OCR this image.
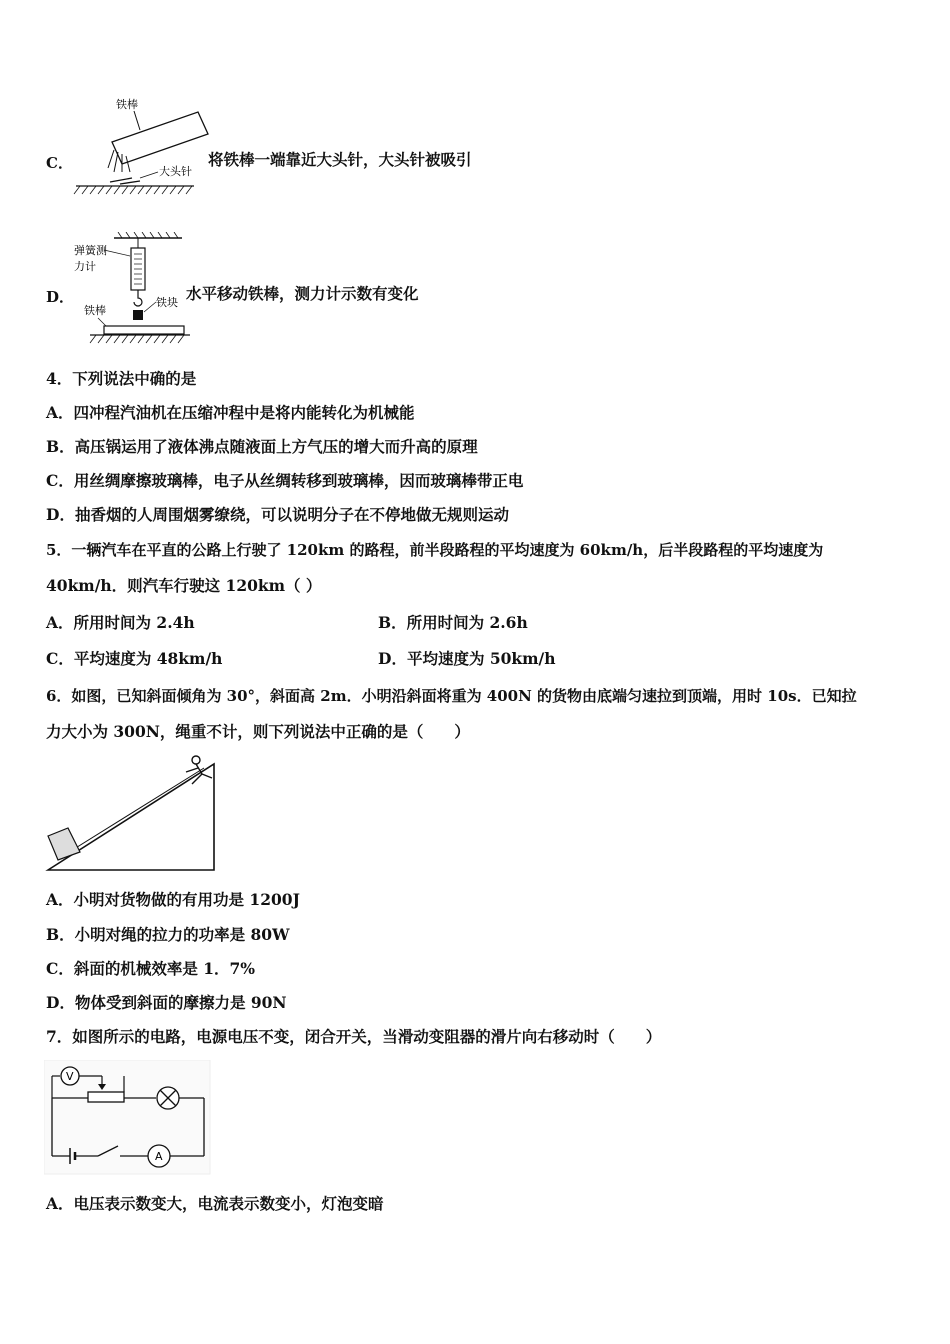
C．
铁棒
大头针
将铁棒一端靠近大头针，大头针被吸引
D．
弹簧测
力计
铁块
铁棒
水平移动铁棒，测力计示数有变化
4．下列说法中确的是
A．四冲程汽油机在压缩冲程中是将内能转化为机械能
B．高压锅运用了液体沸点随液面上方气压的增大而升高的原理
C．用丝绸摩擦玻璃棒，电子从丝绸转移到玻璃棒，因而玻璃棒带正电
D．抽香烟的人周围烟雾缭绕，可以说明分子在不停地做无规则运动
5．一辆汽车在平直的公路上行驶了 120km 的路程，前半段路程的平均速度为 60km/h，后半段路程的平均速度为
40km/h．则汽车行驶这 120km（ ）
A．所用时间为 2.4h	B．所用时间为 2.6h
C．平均速度为 48km/h	D．平均速度为 50km/h
6．如图，已知斜面倾角为 30°，斜面高 2m．小明沿斜面将重为 400N 的货物由底端匀速拉到顶端，用时 10s．已知拉
力大小为 300N，绳重不计，则下列说法中正确的是（　　）
A．小明对货物做的有用功是 1200J
B．小明对绳的拉力的功率是 80W
C．斜面的机械效率是 1．7%
D．物体受到斜面的摩擦力是 90N
7．如图所示的电路，电源电压不变，闭合开关，当滑动变阻器的滑片向右移动时（　　）
V
A
A．电压表示数变大，电流表示数变小，灯泡变暗
